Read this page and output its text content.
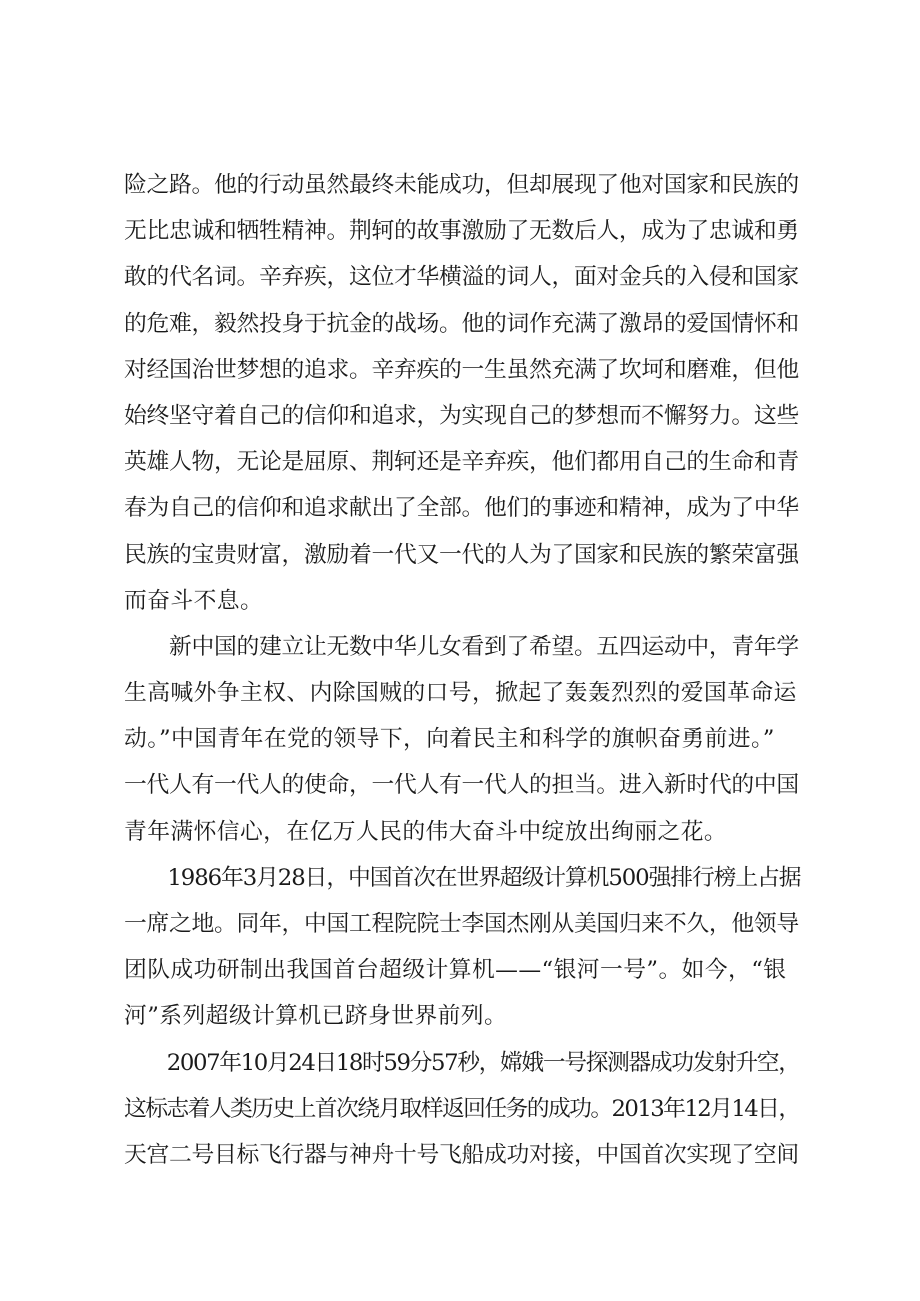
险之路。他的行动虽然最终未能成功，但却展现了他对国家和民族的
无比忠诚和牺牲精神。荆轲的故事激励了无数后人，成为了忠诚和勇
敢的代名词。辛弃疾，这位才华横溢的词人，面对金兵的入侵和国家
的危难，毅然投身于抗金的战场。他的词作充满了激昂的爱国情怀和
对经国治世梦想的追求。辛弃疾的一生虽然充满了坎坷和磨难，但他
始终坚守着自己的信仰和追求，为实现自己的梦想而不懈努力。这些
英雄人物，无论是屈原、荆轲还是辛弃疾，他们都用自己的生命和青
春为自己的信仰和追求献出了全部。他们的事迹和精神，成为了中华
民族的宝贵财富，激励着一代又一代的人为了国家和民族的繁荣富强
而奋斗不息。
　　新中国的建立让无数中华儿女看到了希望。五四运动中，青年学
生高喊外争主权、内除国贼的口号，掀起了轰轰烈烈的爱国革命运
动。”中国青年在党的领导下，向着民主和科学的旗帜奋勇前进。”
一代人有一代人的使命，一代人有一代人的担当。进入新时代的中国
青年满怀信心，在亿万人民的伟大奋斗中绽放出绚丽之花。
　　1986年3月28日，中国首次在世界超级计算机500强排行榜上占据
一席之地。同年，中国工程院院士李国杰刚从美国归来不久，他领导
团队成功研制出我国首台超级计算机——“银河一号”。如今，“银
河”系列超级计算机已跻身世界前列。
　　2007年10月24日18时59分57秒，嫦娥一号探测器成功发射升空，
这标志着人类历史上首次绕月取样返回任务的成功。2013年12月14日，
天宫二号目标飞行器与神舟十号飞船成功对接，中国首次实现了空间
